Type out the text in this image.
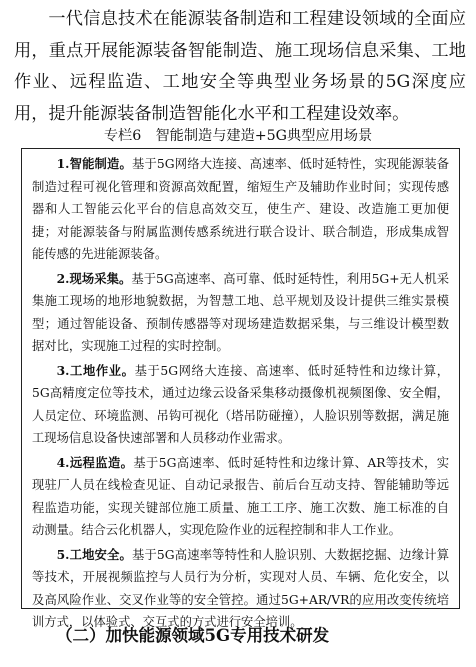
一代信息技术在能源装备制造和工程建设领域的全面应用，重点开展能源装备智能制造、施工现场信息采集、工地作业、远程监造、工地安全等典型业务场景的5G深度应用，提升能源装备制造智能化水平和工程建设效率。

专栏6　智能制造与建造+5G典型应用场景

1.智能制造。基于5G网络大连接、高速率、低时延特性，实现能源装备制造过程可视化管理和资源高效配置，缩短生产及辅助作业时间；实现传感器和人工智能云化平台的信息高效交互，使生产、建设、改造施工更加便捷；对能源装备与附属监测传感系统进行联合设计、联合制造，形成集成智能传感的先进能源装备。

2.现场采集。基于5G高速率、高可靠、低时延特性，利用5G+无人机采集施工现场的地形地貌数据，为智慧工地、总平规划及设计提供三维实景模型；通过智能设备、预制传感器等对现场建造数据采集，与三维设计模型数据对比，实现施工过程的实时控制。

3.工地作业。基于5G网络大连接、高速率、低时延特性和边缘计算，5G高精度定位等技术，通过边缘云设备采集移动摄像机视频图像、安全帽，人员定位、环境监测、吊钩可视化（塔吊防碰撞），人脸识别等数据，满足施工现场信息设备快速部署和人员移动作业需求。

4.远程监造。基于5G高速率、低时延特性和边缘计算、AR等技术，实现驻厂人员在线检查见证、自动记录报告、前后台互动支持、智能辅助等远程监造功能，实现关键部位施工质量、施工工序、施工次数、施工标准的自动测量。结合云化机器人，实现危险作业的远程控制和非人工作业。

5.工地安全。基于5G高速率等特性和人脸识别、大数据挖掘、边缘计算等技术，开展视频监控与人员行为分析，实现对人员、车辆、危化安全，以及高风险作业、交叉作业等的安全管控。通过5G+AR/VR的应用改变传统培训方式，以体验式、交互式的方式进行安全培训。

（二）加快能源领域5G专用技术研发
